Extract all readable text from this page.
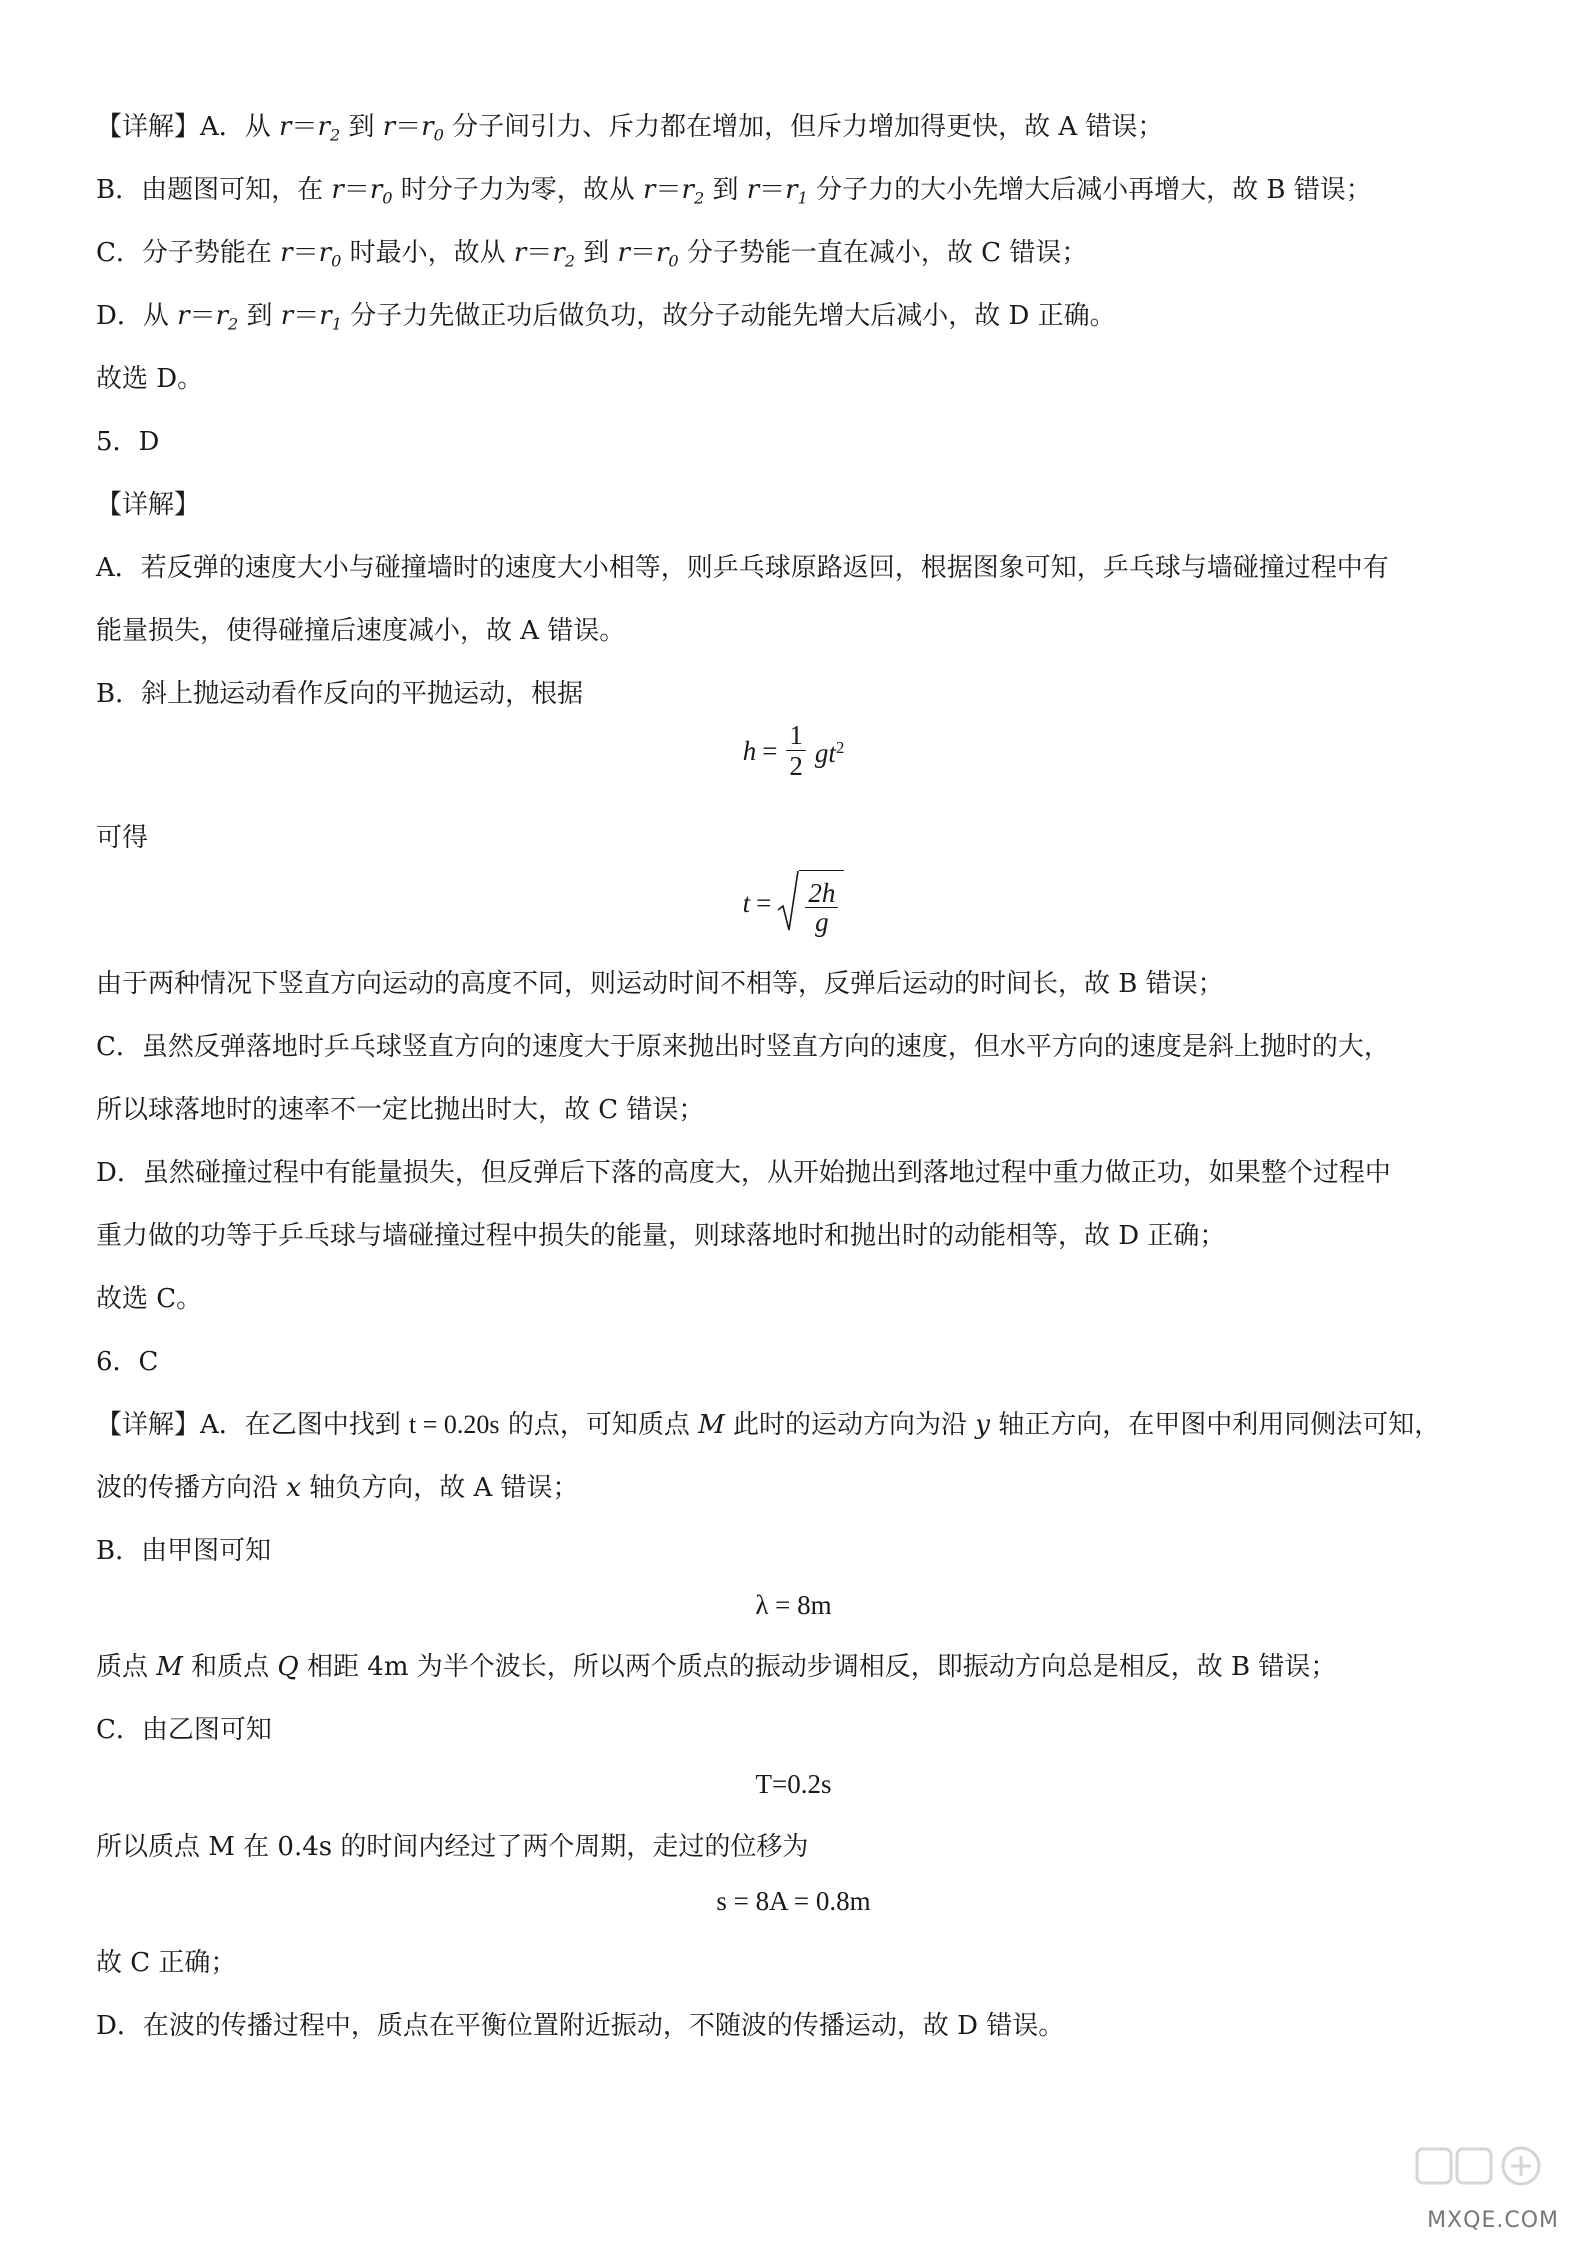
【详解】A．从 $r=r_2$ 到 $r=r_0$ 分子间引力、斥力都在增加，但斥力增加得更快，故 A 错误；
B．由题图可知，在 $r=r_0$ 时分子力为零，故从 $r=r_2$ 到 $r=r_1$ 分子力的大小先增大后减小再增大，故 B 错误；
C．分子势能在 $r=r_0$ 时最小，故从 $r=r_2$ 到 $r=r_0$ 分子势能一直在减小，故 C 错误；
D．从 $r=r_2$ 到 $r=r_1$ 分子力先做正功后做负功，故分子动能先增大后减小，故 D 正确。
故选 D。
5．D
【详解】
A．若反弹的速度大小与碰撞墙时的速度大小相等，则乒乓球原路返回，根据图象可知，乒乓球与墙碰撞过程中有
能量损失，使得碰撞后速度减小，故 A 错误。
B．斜上抛运动看作反向的平抛运动，根据
$h = \frac{1}{2} gt^2$
可得
$t = \frac{2h}{g}$
由于两种情况下竖直方向运动的高度不同，则运动时间不相等，反弹后运动的时间长，故 B 错误；
C．虽然反弹落地时乒乓球竖直方向的速度大于原来抛出时竖直方向的速度，但水平方向的速度是斜上抛时的大，
所以球落地时的速率不一定比抛出时大，故 C 错误；
D．虽然碰撞过程中有能量损失，但反弹后下落的高度大，从开始抛出到落地过程中重力做正功，如果整个过程中
重力做的功等于乒乓球与墙碰撞过程中损失的能量，则球落地时和抛出时的动能相等，故 D 正确；
故选 C。
6．C
【详解】A．在乙图中找到 t = 0.20s 的点，可知质点 M 此时的运动方向为沿 y 轴正方向，在甲图中利用同侧法可知，
波的传播方向沿 x 轴负方向，故 A 错误；
B．由甲图可知
λ = 8m
质点 M 和质点 Q 相距 4m 为半个波长，所以两个质点的振动步调相反，即振动方向总是相反，故 B 错误；
C．由乙图可知
T=0.2s
所以质点 M 在 0.4s 的时间内经过了两个周期，走过的位移为
s = 8A = 0.8m
故 C 正确；
D．在波的传播过程中，质点在平衡位置附近振动，不随波的传播运动，故 D 错误。
MXQE.COM
